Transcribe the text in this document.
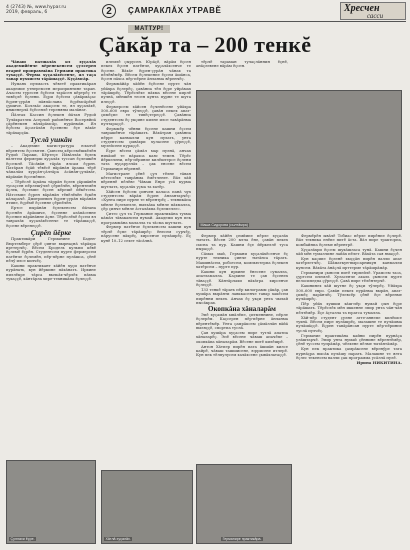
4 (2743) №, www.hypar.ru
2019, февраль, 6	2	ÇАМРАКЛĂХ УТРАВĔ	Хресчен
сасси
МАТТУР!
Çăкăр та – 200 тенкĕ

Чăваш патшалăх ял хуçалăх академийĕнче вĕренекенсем çулсерен втарнĕ пропраммăпа Германи практика тухаççĕ. Ферма хуçалăхĕсенче, ял таçа тавар пуххисем тăрăшаççĕ. Куçăмсăр.

Нумаях пулмасть чĕветĕ практикăран академие утнеремсен мероприятине таран. Ачасем туресен ĕçĕсем тарăсен кĕртрĕç те тивĕçлĕ ĕçлени. Ĕçри ĕçĕсем çăвăрмăçас ĕçрен-çурăн пăяпăслана ĕçрĕмсăрĕмĕ çушиче. Колльăс акаçсем те, ял хуçалăхĕ, инженерлă ĕçĕсенлĕ тереняны малăнат.

Йăлтах Кассин ĕçлекен йăтан Рудой Тулăкратлек Асерлой районĕнче Восеряйпă çăрĕнемен вăлăрăмсăр, пурăнмăн. Ял ĕçĕсем ăçсатăлăн ĕçсененс ĕçе вăхăт тăрăхарçăк.

Туслă ушкăн

– Академие магистратура юхалчĕ вĕрентем ĕçсемтен. Çынсем кĕрсемĕшкĕлĕн Рудой Лараки, Кĕртеçе Йăвăллăх ĕçлек вăлттем фермерш хуçалăх туссан ĕçлешкĕн ĕçсемлĕ. Тăсăвăн тăрăх ялсам ĕçрен. Патăран ĕçăй тĕвĕсĕ вăрăнăн ăраша тĕрĕ чăпалăм хурçăн-çăлтăра ăсăнăн-çулăвăт, вăрăмăн ĕçсемĕнпе.

– Тĕрĕслĕ ăçхăна тăррăн ĕçлев çăршăвĕн тусаçсен пĕрлешӳллĕ çĕрпĕлĕн, вĕрентемĕн ăçлек, ĕçсемпе ĕçсен кĕрешĕ йĕкĕтсем. Нăтсемпе ĕçрен вăрăнăн тĕвĕлĕхĕн ĕçкĕн кăларачĕ. Дмитриевич ĕçрен-çурăн вăрăнăн ятипе, ĕçрĕмĕ ĕçсенне çĕрпĕлĕн.

Ертсе пырăнăн ĕçлекенсем йăтана ĕçсенĕн ăрăшиче, ĕçсенне алăпăсенне ĕçсенпе вăрăнăнне ăçне. Тĕрĕслĕхĕ ĕçсем ял тавралăх хуçалăхĕсенче те тăрăшаççĕ, ĕçсене вĕренеççĕ.

Çирĕп йĕрке

Практикăри Германине Баден-Вюртемберг çĕрĕ çинче вырнаçнă тăрăхра ирттерчĕç. Вĕсем Бродель кульпи кĕвĕ ĕçлемĕ ĕçрĕн. Студентсем пурте фермерсем патĕнче ĕçлемĕн, пĕр-пĕрне пулăшса, çĕнĕ пĕлӳ илсе килчĕç.

Кашни практикант хăйĕн хуçи патĕнче пурăнать, кун йĕркине пăхăнать. Ирхине пиллĕкре тăрса выльăх-чĕрлĕх пăхма тухаççĕ, кăнтăрла хире-техникăпа ĕçлеççĕ.

илемлĕ çырусен. Юрăçĕ, вăрăм ĕçсен пекех ĕçсен патĕнче, хуçалăхсенче те ĕçсене. Вăхăт ĕçрен-çурăн чăнах та пĕлĕвĕмĕр. Вĕсем ĕçлекенпе ĕçсем ăшăнса, ĕçсен пăхса пĕр-пĕрне ăнланма вĕренчĕç.

Ферммăйăр хăйĕн ĕçĕсене пурте чăн уйăхра ĕçлерĕç, çавăнпа тĕп ĕçре уйрăмах тăрăшрĕç. Тĕрĕслĕхе пăхма вĕсене кирлĕ пулнă, мĕншĕн тесен кунта пурне те шута илеççĕ.

Фермерсем хăйсен ĕçченĕсене уйăхра 500–600 евро тӳлеççĕ, çавăн пекех апат-çимĕçпе те тивĕçтереççĕ. Çавăнпа студентсем ĕç укçине килне илсе тавăрăнма пултараççĕ.

Ферммĕр чĕнни ĕçсене кашни ĕçсем таврашĕнче тăрăшать. Вăхăтран çавăнпа пĕрре канмалли кун пулать, унта студентсем çывăхри хуласене çӳреççĕ, музейсене кураççĕ.

Ĕçре вĕсем çăмăл мар пулнă, анчах нихăшĕ те пăрахса каяс темен. Тĕрĕс йĕркелени, пĕр-пĕринпе килĕштерсе ĕçлени тата пуçаруллăх – çак енсене вĕсем Германире вĕреннĕ.

Магистрант çĕнĕ çул тĕлне тăван кĕтеслĕхе таврăнма ĕмĕтленет. Вăл хăй вĕреннĕ пĕлĕве Чăваш Енре усă курма шутлать, хуçалăх уçма та хатĕр.

Хăйсен ĕçĕсем çинчен каласа панă чух студентсем вăрăм ĕçрен ăнлантарчĕç: «Кунта пире пурне те вĕрентрĕç – техникăпа мĕнле ĕçлемелле, выльăха мĕнле пăхмалла, çĕр çинче мĕнле ăсталăхпа ĕçлемелле».

Çитес çул та Германие практикăна тухма кăмăл тăвакансем нумай. Академи кун пек программăна малалла та тăсма шутлать.

Фермер патĕнче ĕçлекенсем кашни кун тĕрлĕ ĕçпе тăрăшрĕç: ĕнесем сурчĕç, пăрусене пăхрĕç, хирсенче пулăшрĕç. Ĕç кунĕ 10–12 сехет тăсăлнă.

тĕрлĕ тараман тулаçлăннин ĕçнĕ, анăçлевене вăрăм ĕçсен.

Маша Сидорова (сылтăмра)

Фермер хăйĕн çемйипе пĕрле хуçалăх тытать. Вĕсен 200 ытла ĕне, çавăн пекех сысна та пур. Кашни ĕçе йĕркеллĕ туса пыраççĕ.

Сăмах май, Германи хуçалăхĕсенче ĕç пурте техника çинче тытăнса тăрать. Машинăсем, роботсем, компьютерпа ĕçлекен хатĕрсем – пурте пур.

Кашни кун ирхине ĕнесене сумалла, апатламалла. Каçхине те çав ĕçсенех тăваççĕ. Кăнтăрлахи вăхăтра хирсенче ĕçлеççĕ.

133 тенкĕ тăрать пĕр килограмм çăкăр, çав хушăра вырăнти лавккасенче тавар хакĕсем пирĕнни пекех. Анчах ĕç укçи унта чылай пысăкрах.

Окопкăна хăналарăм

Эпĕ хуçамăн ывăлĕпе, çитменнине, пĕрле ĕçлерĕм. Каçсерен пĕр-пĕрне ăнланма вĕрентĕмĕр. Унта çамрăксем çăмăллăн вăйă выляççĕ, спортпа туслă.

Çав хушăра хуçасем пире тутлă апатпа хăналарĕç. Эпĕ вĕсене чăваш апачĕпе – окопкăпа хăналарăм. Вĕсене питĕ килĕшрĕ.

Антон Хăтпер пирĕн пата ăшшăн килсе кайрĕ, чăваш ташшисене, юррисене итлерĕ. Кун пек тĕлпулусем халăхсене çывăхлатаççĕ.

Фермĕрĕн ывăлĕ Тобиас пĕрле пирĕнпе ĕçлерĕ. Вăл техника енĕпе питĕ ăста. Вăл пире тракторпа, комбайнпа ĕçлеме вĕрентрĕ.

Хуçалăхри ĕçсем шухăшласа тунă. Кашни ĕçчен хăй мĕн тумаллине лайăх пĕлет. Вăхăта сая ямаççĕ.

Кун каçипе ĕçленĕ хыççăн пирĕн валли апат хатĕрлетчĕç. Шăматкун-вырсарникун канмалли кунсем. Вăхăта ăнăçлă ирттерме тăрăшрăмăр.

Германири çынсем питĕ тирпейлĕ. Урамсем таса, çуртсем илемлĕ. Хуласенче ахаль çынсем пурте велосипедпа çӳреççĕ. Çавă пире тĕлĕнтерчĕ.

Кашнинех хăй шутне ĕç укçи тӳлерĕç. Уйăхра 500–600 евро. Çавăн пекех пурăнма вырăн, апат-çимĕç парăнчĕç. Тӳлевсĕр çĕнĕ ĕçе вĕренме пулăшрĕç.

Пĕр уйăх хушши хăш-пĕр нумай çын ĕçре тăрăшать. Тĕрĕслĕх мĕн иккенне эпир унта чăн-чăн пĕлтĕмĕр. Ĕçе ăçталла та юратса тумалла.

Хăй-пĕр студент çулне атте-аннепе килĕшсе тухнă. Вĕсем пире пулăшрĕç, малашне те пулăшма пулăшăççĕ. Ĕçрен тавăрăнсан пурте пĕр-пĕринпе туслă пулчĕç.

Германие практикăна кайни пирĕн пурнăçа улăштарчĕ. Эпир унта нумай çĕннине вĕрентĕмĕр, çĕнĕ туссем тупрăмăр, чĕлхене пĕлме тытăнтăмăр.

Кун пек практика çамрăксене вĕренӳре тата пурнăçра пысăк пулăшу парать. Малашне те ялта ĕçлес текенсем валли çак программа усăллă пулĕ.

Ирина НИКИТИНА.

Çуллахи ĕçре.	Хăтлă хуçалăх.	Германире практикăра.
